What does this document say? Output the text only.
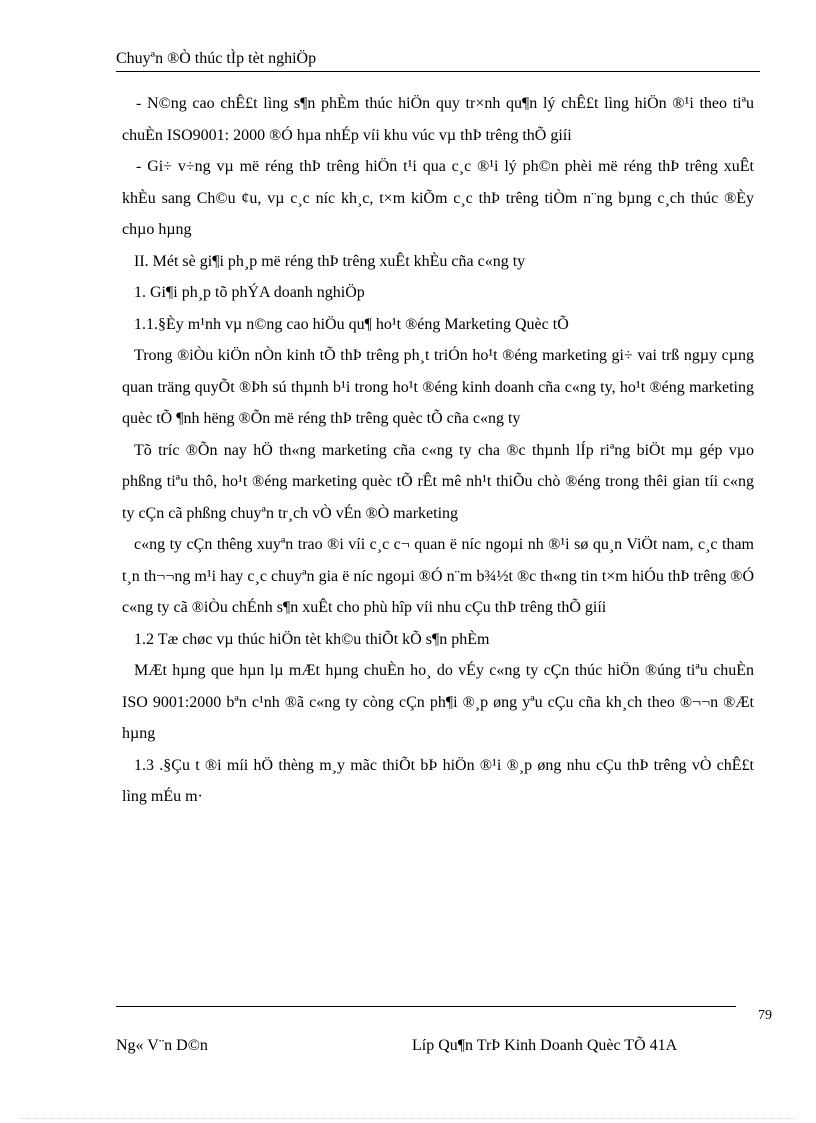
Chuyªn ®Ò thúc tÌp tèt nghiÖp

- N©ng cao chÊ£t lìng s¶n phÈm thúc hiÖn quy tr×nh qu¶n lý chÊ£t lìng hiÖn ®¹i theo tiªu chuÈn ISO9001: 2000 ®Ó hµa nhÉp víi khu vúc vµ thÞ trêng thÕ giíi

- Gi÷ v÷ng vµ më réng thÞ trêng hiÖn t¹i qua c¸c ®¹i lý ph©n phèi më réng thÞ trêng xuÊt khÈu sang Ch©u ¢u, vµ c¸c níc kh¸c, t×m kiÕm c¸c thÞ trêng tiÒm n¨ng bµng c¸ch thúc ®Èy chµo hµng

II. Mét sè gi¶i ph¸p më réng thÞ trêng xuÊt khÈu cña c«ng ty

1. Gi¶i ph¸p tõ phÝA doanh nghiÖp

1.1.§Èy m¹nh vµ n©ng cao hiÖu qu¶ ho¹t ®éng Marketing Quèc tÕ

Trong ®iÒu kiÖn nÒn kinh tÕ thÞ trêng ph¸t triÓn ho¹t ®éng marketing gi÷ vai trß ngµy cµng quan träng quyÕt ®Þh sú thµnh b¹i trong ho¹t ®éng kinh doanh cña c«ng ty, ho¹t ®éng marketing quèc tÕ ¶nh hëng ®Õn më réng thÞ trêng quèc tÕ cña c«ng ty

Tõ tríc ®Õn nay hÖ th«ng marketing cña c«ng ty cha ®c thµnh lÍp riªng biÖt mµ gép vµo phßng tiªu thô, ho¹t ®éng marketing quèc tÕ rÊt mê nh¹t thiÕu chò ®éng trong thêi gian tíi c«ng ty cÇn cã phßng chuyªn tr¸ch vÒ vÉn ®Ò marketing

c«ng ty cÇn thêng xuyªn trao ®i víi c¸c c¬ quan ë níc ngoµi nh ®¹i sø qu¸n ViÖt nam, c¸c tham t¸n th¬¬ng m¹i hay c¸c chuyªn gia ë níc ngoµi ®Ó n¨m b¾½t ®c th«ng tin t×m hiÓu thÞ trêng ®Ó c«ng ty cã ®iÒu chÉnh s¶n xuÊt cho phù hîp víi nhu cÇu thÞ trêng thÕ giíi

1.2 Tæ chøc vµ thúc hiÖn tèt kh©u thiÕt kÕ s¶n phÈm

MÆt hµng que hµn lµ mÆt hµng chuÈn ho¸ do vÉy c«ng ty cÇn thúc hiÖn ®úng tiªu chuÈn ISO 9001:2000 bªn c¹nh ®ã c«ng ty còng cÇn ph¶i ®¸p øng yªu cÇu cña kh¸ch theo ®¬¬n ®Æt hµng

1.3 .§Çu t ®i míi hÖ thèng m¸y mãc thiÕt bÞ hiÖn ®¹i ®¸p øng nhu cÇu thÞ trêng vÒ chÊ£t lìng mÉu m·

79
Ng« V¨n D©n	Líp Qu¶n TrÞ Kinh Doanh Quèc TÕ 41A
